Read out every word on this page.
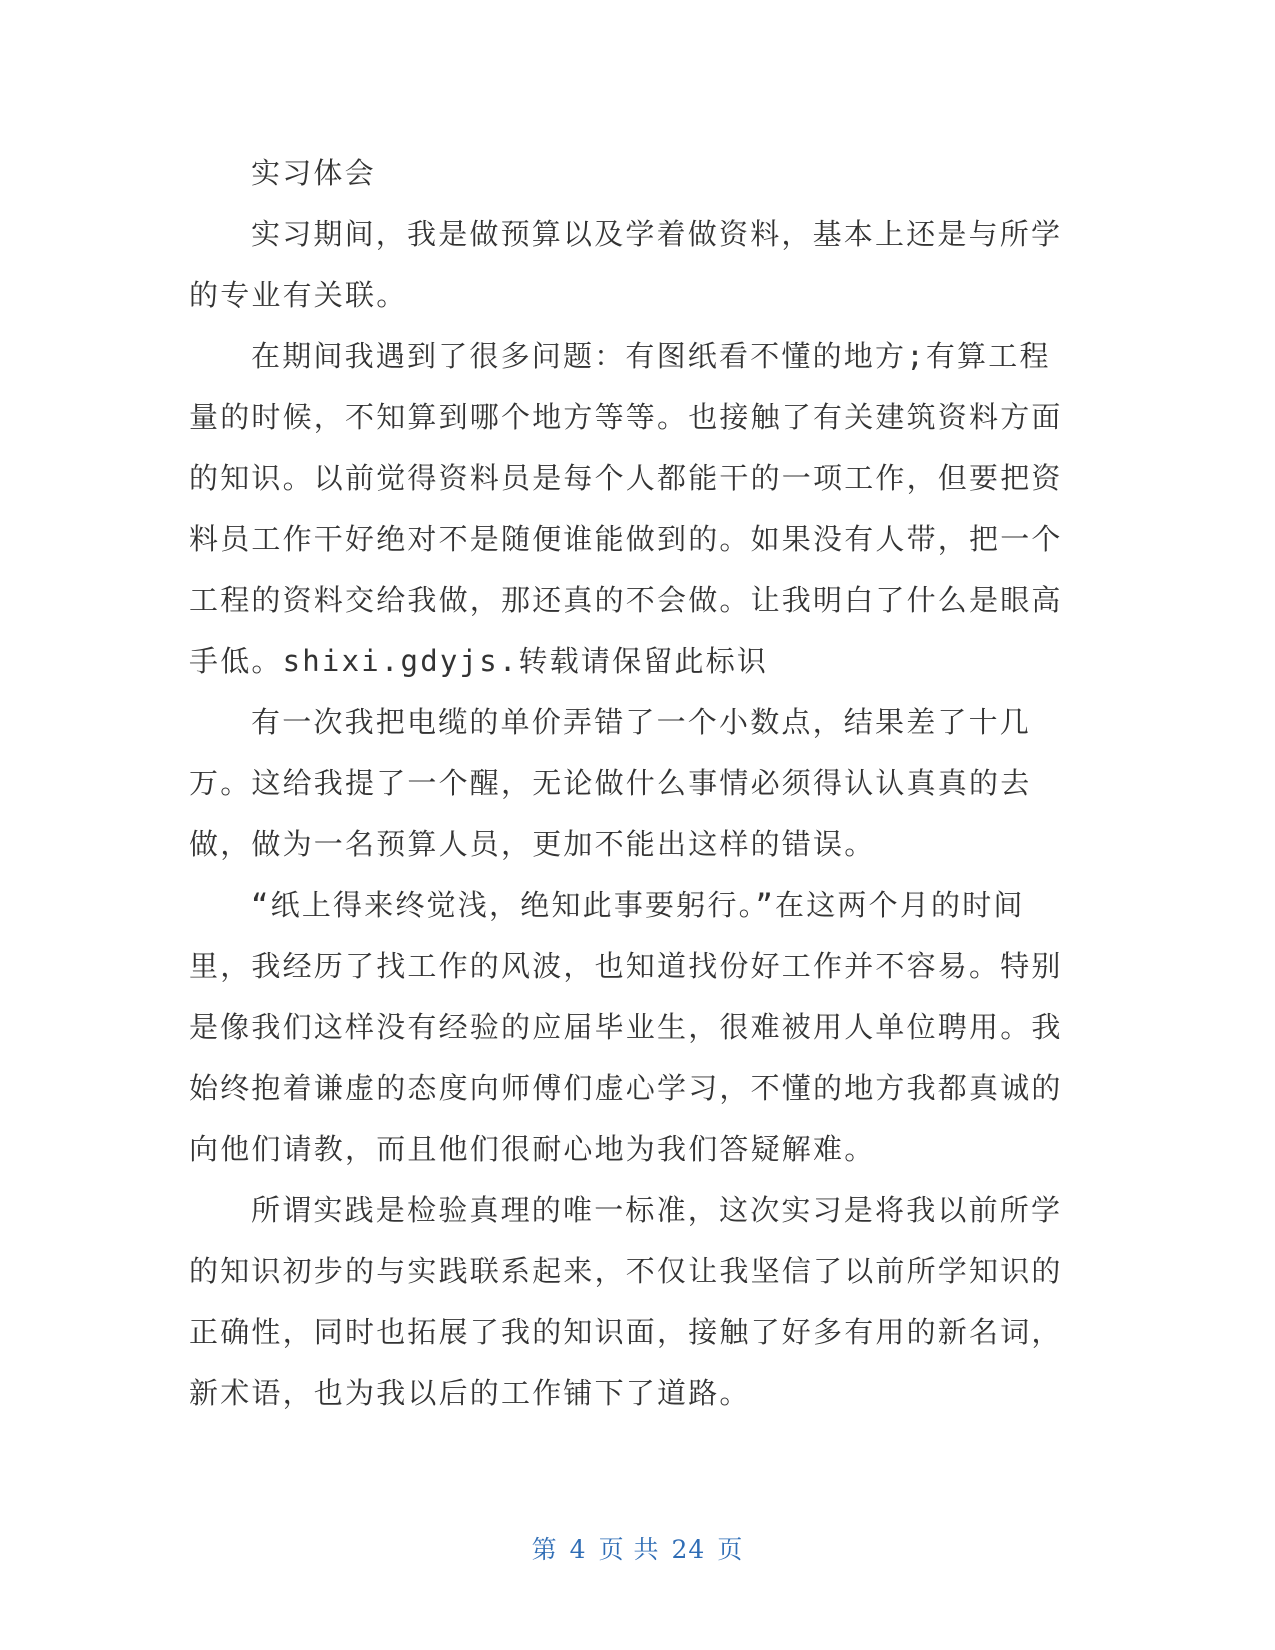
实习体会

实习期间，我是做预算以及学着做资料，基本上还是与所学的专业有关联。

在期间我遇到了很多问题：有图纸看不懂的地方;有算工程量的时候，不知算到哪个地方等等。也接触了有关建筑资料方面的知识。以前觉得资料员是每个人都能干的一项工作，但要把资料员工作干好绝对不是随便谁能做到的。如果没有人带，把一个工程的资料交给我做，那还真的不会做。让我明白了什么是眼高手低。shixi.gdyjs.转载请保留此标识

有一次我把电缆的单价弄错了一个小数点，结果差了十几万。这给我提了一个醒，无论做什么事情必须得认认真真的去做，做为一名预算人员，更加不能出这样的错误。

“纸上得来终觉浅，绝知此事要躬行。”在这两个月的时间里，我经历了找工作的风波，也知道找份好工作并不容易。特别是像我们这样没有经验的应届毕业生，很难被用人单位聘用。我始终抱着谦虚的态度向师傅们虚心学习，不懂的地方我都真诚的向他们请教，而且他们很耐心地为我们答疑解难。

所谓实践是检验真理的唯一标准，这次实习是将我以前所学的知识初步的与实践联系起来，不仅让我坚信了以前所学知识的正确性，同时也拓展了我的知识面，接触了好多有用的新名词，新术语，也为我以后的工作铺下了道路。

第 4 页 共 24 页
